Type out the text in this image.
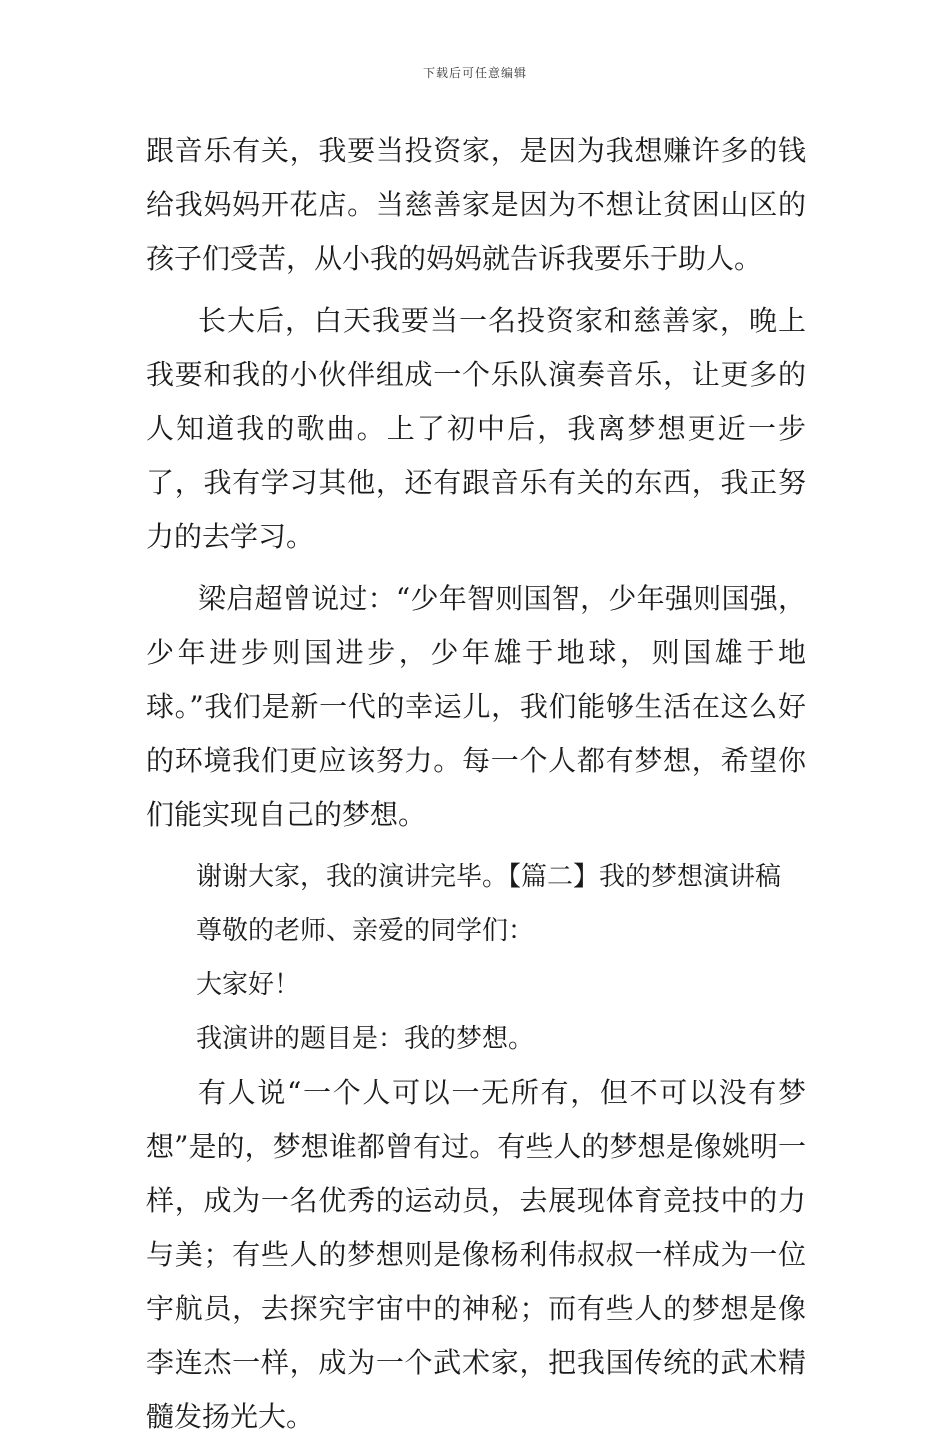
下载后可任意编辑

跟音乐有关，我要当投资家，是因为我想赚许多的钱给我妈妈开花店。当慈善家是因为不想让贫困山区的孩子们受苦，从小我的妈妈就告诉我要乐于助人。

长大后，白天我要当一名投资家和慈善家，晚上我要和我的小伙伴组成一个乐队演奏音乐，让更多的人知道我的歌曲。上了初中后，我离梦想更近一步了，我有学习其他，还有跟音乐有关的东西，我正努力的去学习。

梁启超曾说过：“少年智则国智，少年强则国强，少年进步则国进步，少年雄于地球，则国雄于地球。”我们是新一代的幸运儿，我们能够生活在这么好的环境我们更应该努力。每一个人都有梦想，希望你们能实现自己的梦想。

谢谢大家，我的演讲完毕。【篇二】我的梦想演讲稿

尊敬的老师、亲爱的同学们：

大家好！

我演讲的题目是：我的梦想。

有人说“一个人可以一无所有，但不可以没有梦想”是的，梦想谁都曾有过。有些人的梦想是像姚明一样，成为一名优秀的运动员，去展现体育竞技中的力与美；有些人的梦想则是像杨利伟叔叔一样成为一位宇航员，去探究宇宙中的神秘；而有些人的梦想是像李连杰一样，成为一个武术家，把我国传统的武术精髓发扬光大。
